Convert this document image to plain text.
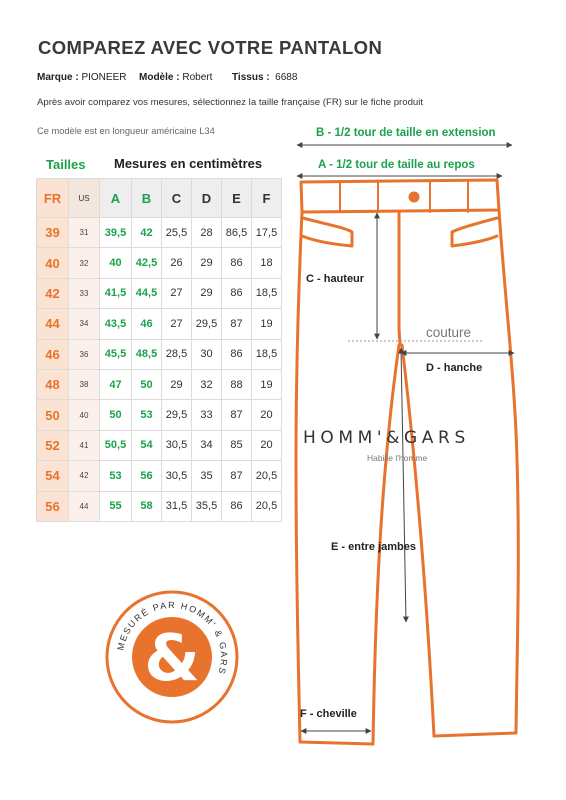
COMPAREZ AVEC VOTRE PANTALON
Marque : PIONEER Modèle : Robert Tissus : 6688
Après avoir comparez vos mesures, sélectionnez la taille française (FR) sur le fiche produit
Ce modèle est en longueur américaine L34
Tailles Mesures en centimètres
FR	US	A	B	C	D	E	F
39	31	39,5	42	25,5	28	86,5	17,5
40	32	40	42,5	26	29	86	18
42	33	41,5	44,5	27	29	86	18,5
44	34	43,5	46	27	29,5	87	19
46	36	45,5	48,5	28,5	30	86	18,5
48	38	47	50	29	32	88	19
50	40	50	53	29,5	33	87	20
52	41	50,5	54	30,5	34	85	20
54	42	53	56	30,5	35	87	20,5
56	44	55	58	31,5	35,5	86	20,5
B - 1/2 tour de taille en extension
A - 1/2 tour de taille au repos
C - hauteur
couture
D - hanche
E - entre jambes
F - cheville
HOMM'&GARS
Habille l'homme
MESURÉ PAR HOMM' & GARS
&
